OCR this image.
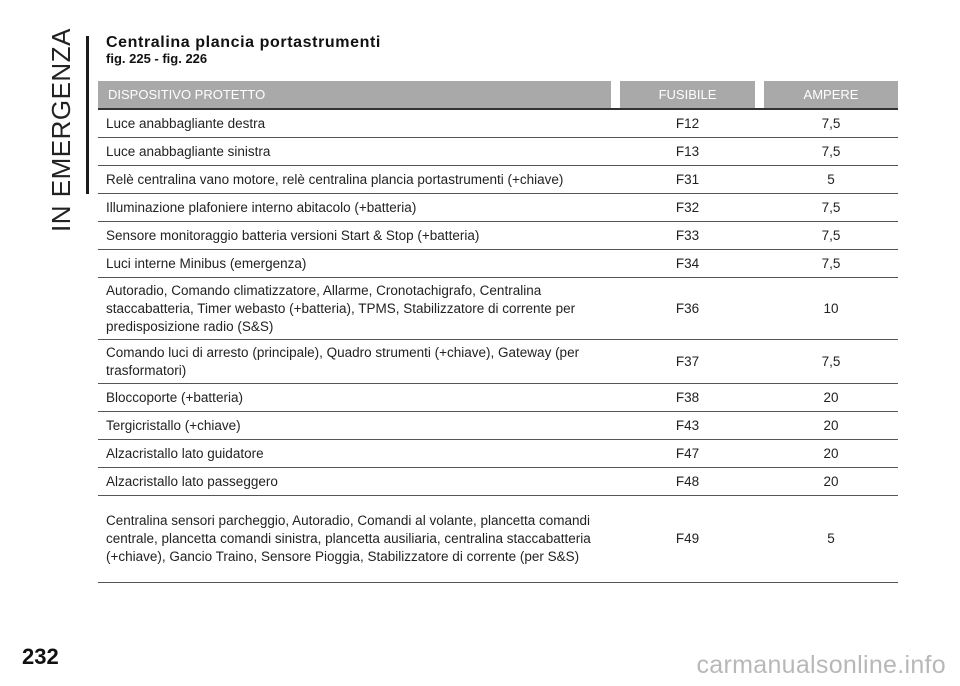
IN EMERGENZA Centralina plancia portastrumenti
fig. 225 - fig. 226
DISPOSITIVO PROTETTO		FUSIBILE		AMPERE
Luce anabbagliante destra		F12		7,5
Luce anabbagliante sinistra		F13		7,5
Relè centralina vano motore, relè centralina plancia portastrumenti (+chiave)		F31		5
Illuminazione plafoniere interno abitacolo (+batteria)		F32		7,5
Sensore monitoraggio batteria versioni Start & Stop (+batteria)		F33		7,5
Luci interne Minibus (emergenza)		F34		7,5
Autoradio, Comando climatizzatore, Allarme, Cronotachigrafo, Centralina staccabatteria, Timer webasto (+batteria), TPMS, Stabilizzatore di corrente per predisposizione radio (S&S)		F36		10
Comando luci di arresto (principale), Quadro strumenti (+chiave), Gateway (per trasformatori)		F37		7,5
Bloccoporte (+batteria)		F38		20
Tergicristallo (+chiave)		F43		20
Alzacristallo lato guidatore		F47		20
Alzacristallo lato passeggero		F48		20
Centralina sensori parcheggio, Autoradio, Comandi al volante, plancetta comandi centrale, plancetta comandi sinistra, plancetta ausiliaria, centralina staccabatteria (+chiave), Gancio Traino, Sensore Pioggia, Stabilizzatore di corrente (per S&S)		F49		5
232	carmanualsonline.info
